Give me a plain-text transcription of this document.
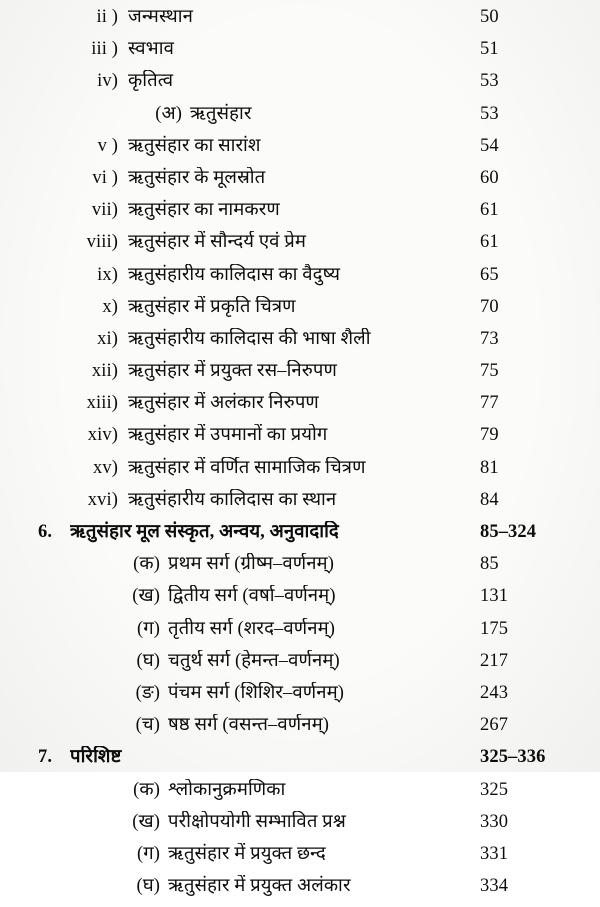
ii ) जन्मस्थान	50
iii ) स्वभाव	51
iv) कृतित्व	53
(अ) ऋतुसंहार	53
v ) ऋतुसंहार का सारांश	54
vi ) ऋतुसंहार के मूलस्रोत	60
vii) ऋतुसंहार का नामकरण	61
viii) ऋतुसंहार में सौन्दर्य एवं प्रेम	61
ix) ऋतुसंहारीय कालिदास का वैदुष्य	65
x) ऋतुसंहार में प्रकृति चित्रण	70
xi) ऋतुसंहारीय कालिदास की भाषा शैली	73
xii) ऋतुसंहार में प्रयुक्त रस–निरुपण	75
xiii) ऋतुसंहार में अलंकार निरुपण	77
xiv) ऋतुसंहार में उपमानों का प्रयोग	79
xv) ऋतुसंहार में वर्णित सामाजिक चित्रण	81
xvi) ऋतुसंहारीय कालिदास का स्थान	84
6. ऋतुसंहार मूल संस्कृत, अन्वय, अनुवादादि	85–324
(क) प्रथम सर्ग (ग्रीष्म–वर्णनम्)	85
(ख) द्वितीय सर्ग (वर्षा–वर्णनम्)	131
(ग) तृतीय सर्ग (शरद–वर्णनम्)	175
(घ) चतुर्थ सर्ग (हेमन्त–वर्णनम्)	217
(ङ) पंचम सर्ग (शिशिर–वर्णनम्)	243
(च) षष्ठ सर्ग (वसन्त–वर्णनम्)	267
7. परिशिष्ट	325–336
(क) श्लोकानुक्रमणिका	325
(ख) परीक्षोपयोगी सम्भावित प्रश्न	330
(ग) ऋतुसंहार में प्रयुक्त छन्द	331
(घ) ऋतुसंहार में प्रयुक्त अलंकार	334
